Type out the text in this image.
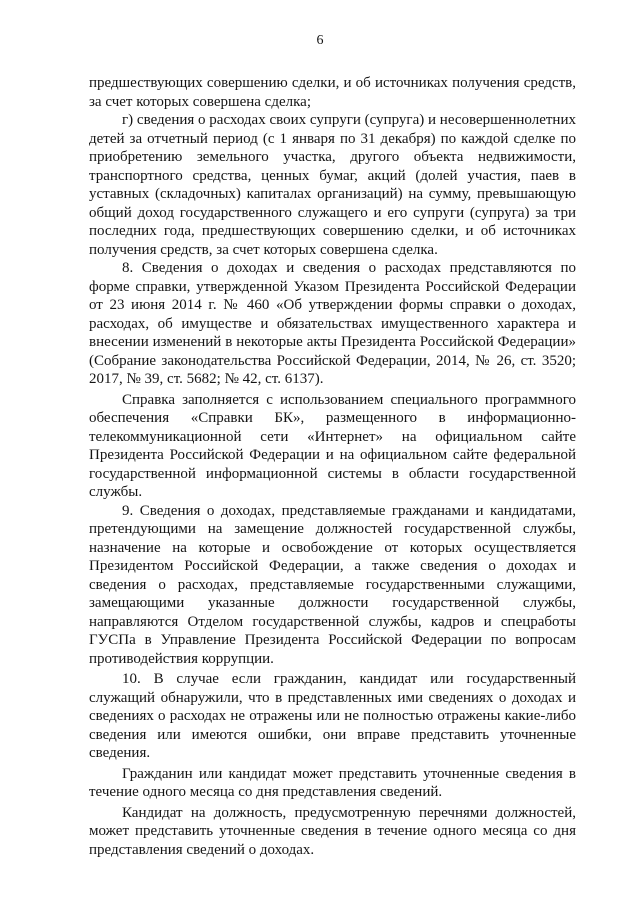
6

предшествующих совершению сделки, и об источниках получения средств, за счет которых совершена сделка;

г) сведения о расходах своих супруги (супруга) и несовершеннолетних детей за отчетный период (с 1 января по 31 декабря) по каждой сделке по приобретению земельного участка, другого объекта недвижимости, транспортного средства, ценных бумаг, акций (долей участия, паев в уставных (складочных) капиталах организаций) на сумму, превышающую общий доход государственного служащего и его супруги (супруга) за три последних года, предшествующих совершению сделки, и об источниках получения средств, за счет которых совершена сделка.

8. Сведения о доходах и сведения о расходах представляются по форме справки, утвержденной Указом Президента Российской Федерации от 23 июня 2014 г. № 460 «Об утверждении формы справки о доходах, расходах, об имуществе и обязательствах имущественного характера и внесении изменений в некоторые акты Президента Российской Федерации» (Собрание законодательства Российской Федерации, 2014, № 26, ст. 3520; 2017, № 39, ст. 5682; № 42, ст. 6137).

Справка заполняется с использованием специального программного обеспечения «Справки БК», размещенного в информационно-телекоммуникационной сети «Интернет» на официальном сайте Президента Российской Федерации и на официальном сайте федеральной государственной информационной системы в области государственной службы.

9. Сведения о доходах, представляемые гражданами и кандидатами, претендующими на замещение должностей государственной службы, назначение на которые и освобождение от которых осуществляется Президентом Российской Федерации, а также сведения о доходах и сведения о расходах, представляемые государственными служащими, замещающими указанные должности государственной службы, направляются Отделом государственной службы, кадров и спецработы ГУСПа в Управление Президента Российской Федерации по вопросам противодействия коррупции.

10. В случае если гражданин, кандидат или государственный служащий обнаружили, что в представленных ими сведениях о доходах и сведениях о расходах не отражены или не полностью отражены какие-либо сведения или имеются ошибки, они вправе представить уточненные сведения.

Гражданин или кандидат может представить уточненные сведения в течение одного месяца со дня представления сведений.

Кандидат на должность, предусмотренную перечнями должностей, может представить уточненные сведения в течение одного месяца со дня представления сведений о доходах.
